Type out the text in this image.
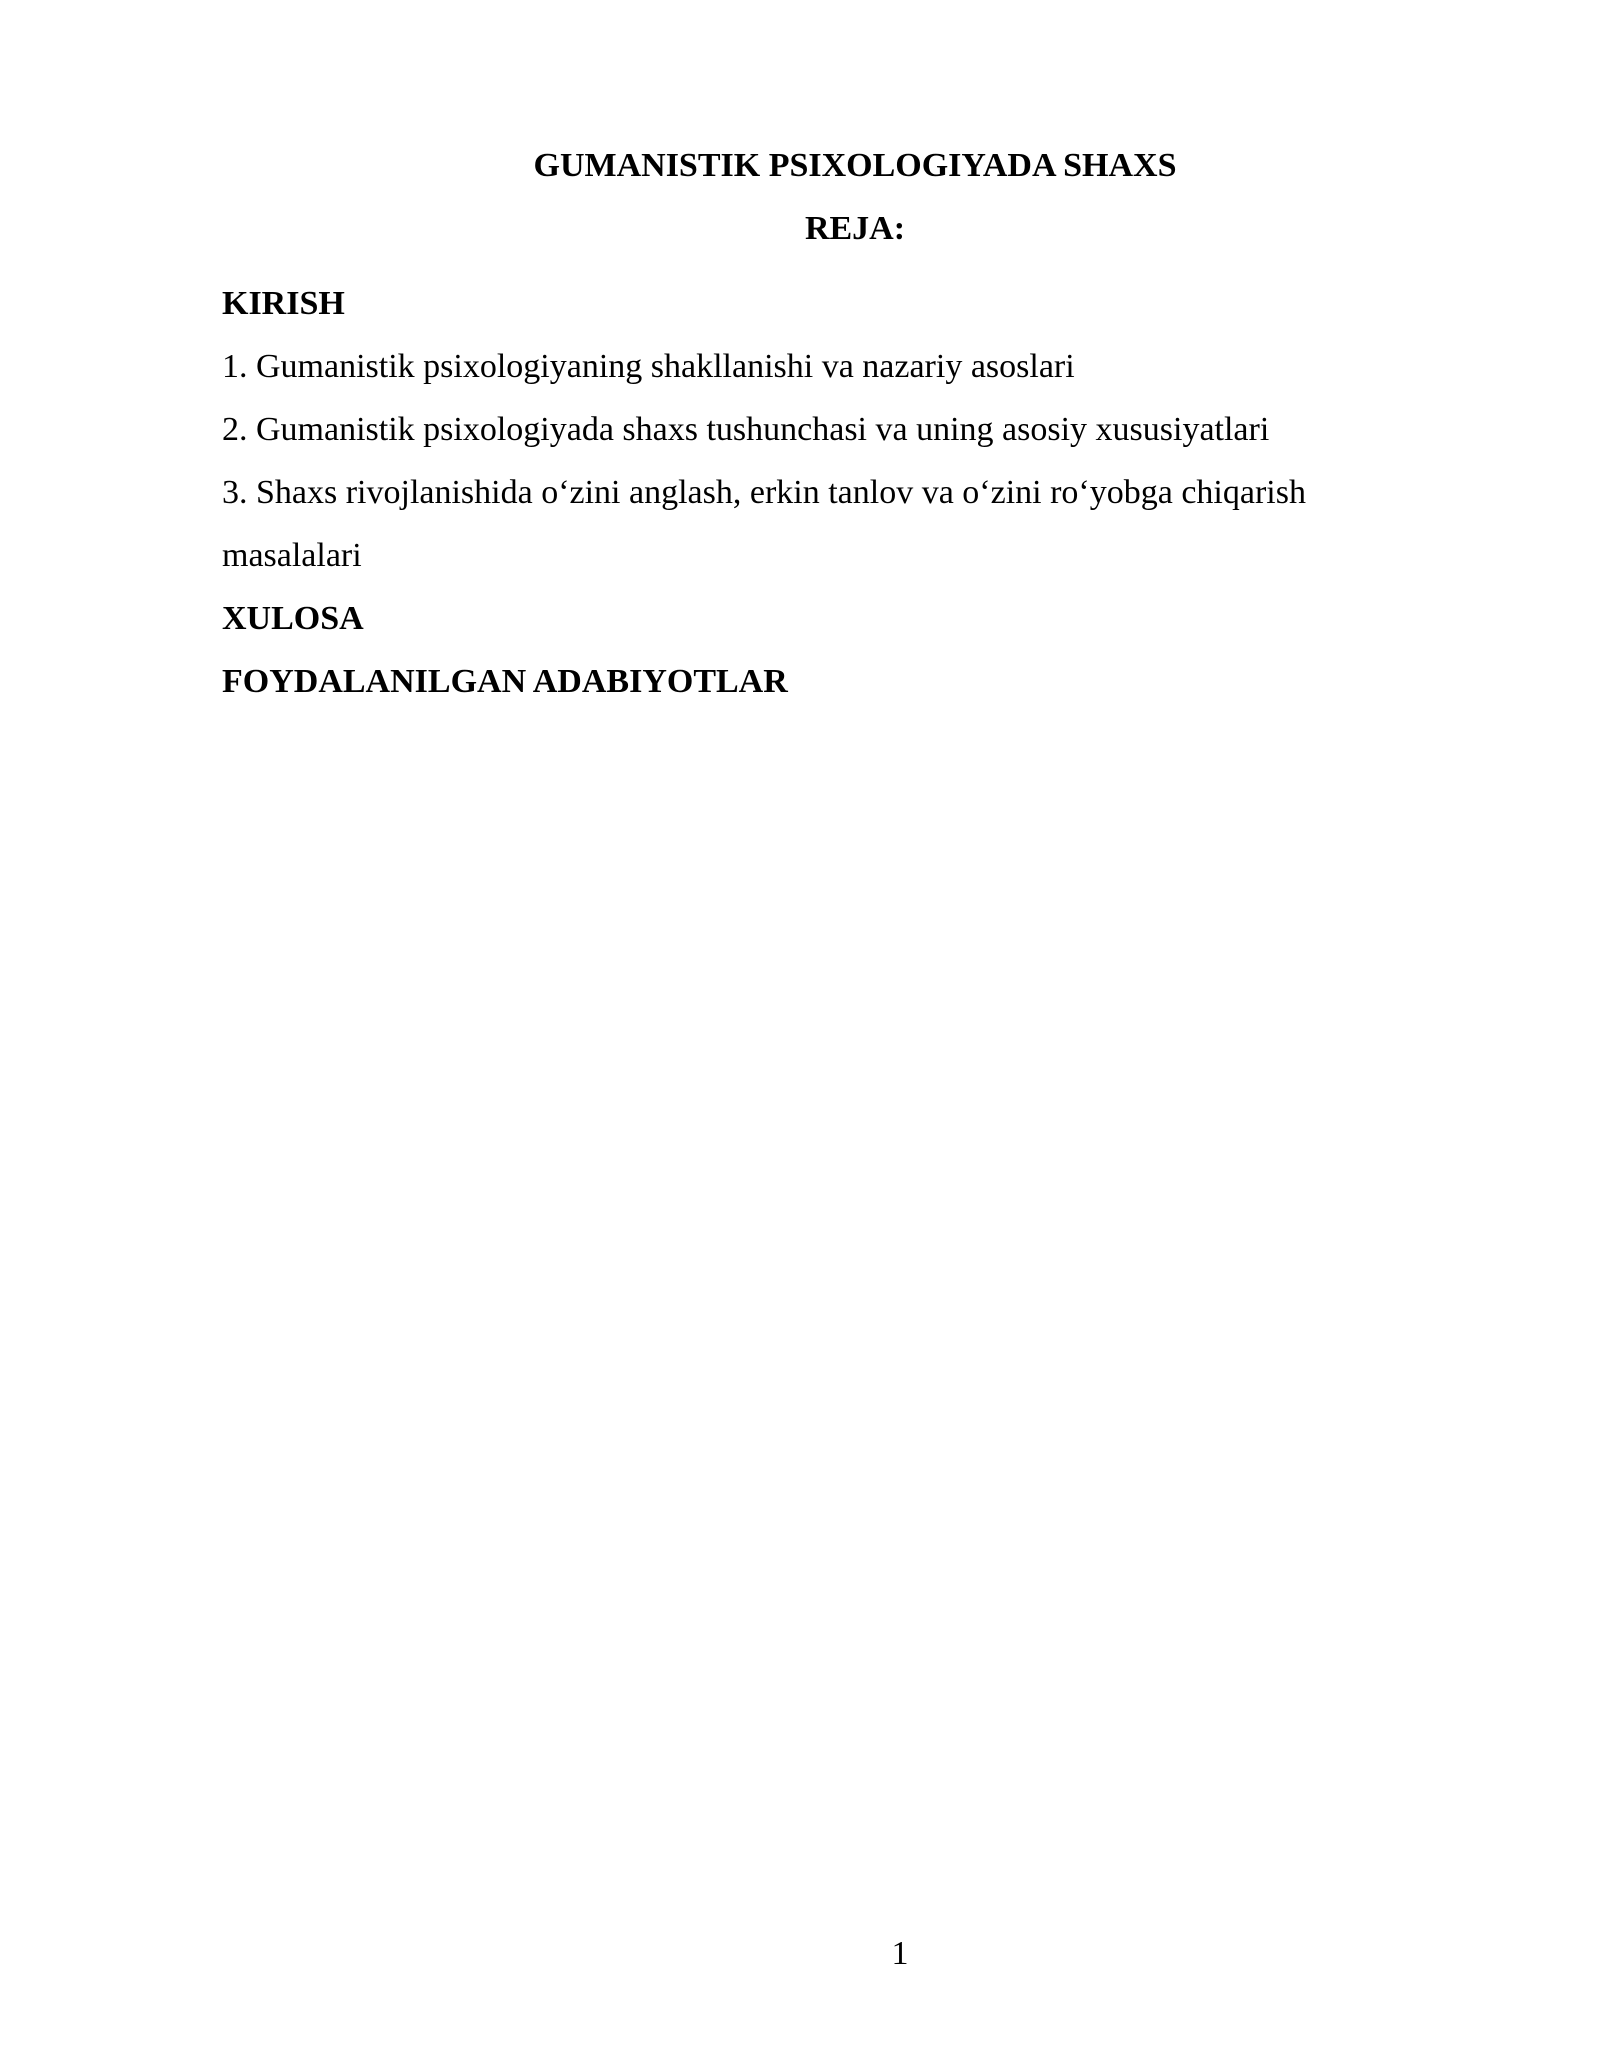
GUMANISTIK PSIXOLOGIYADA SHAXS
REJA:
KIRISH
1. Gumanistik psixologiyaning shakllanishi va nazariy asoslari
2. Gumanistik psixologiyada shaxs tushunchasi va uning asosiy xususiyatlari
3. Shaxs rivojlanishida o‘zini anglash, erkin tanlov va o‘zini ro‘yobga chiqarish
masalalari
XULOSA
FOYDALANILGAN ADABIYOTLAR
1
